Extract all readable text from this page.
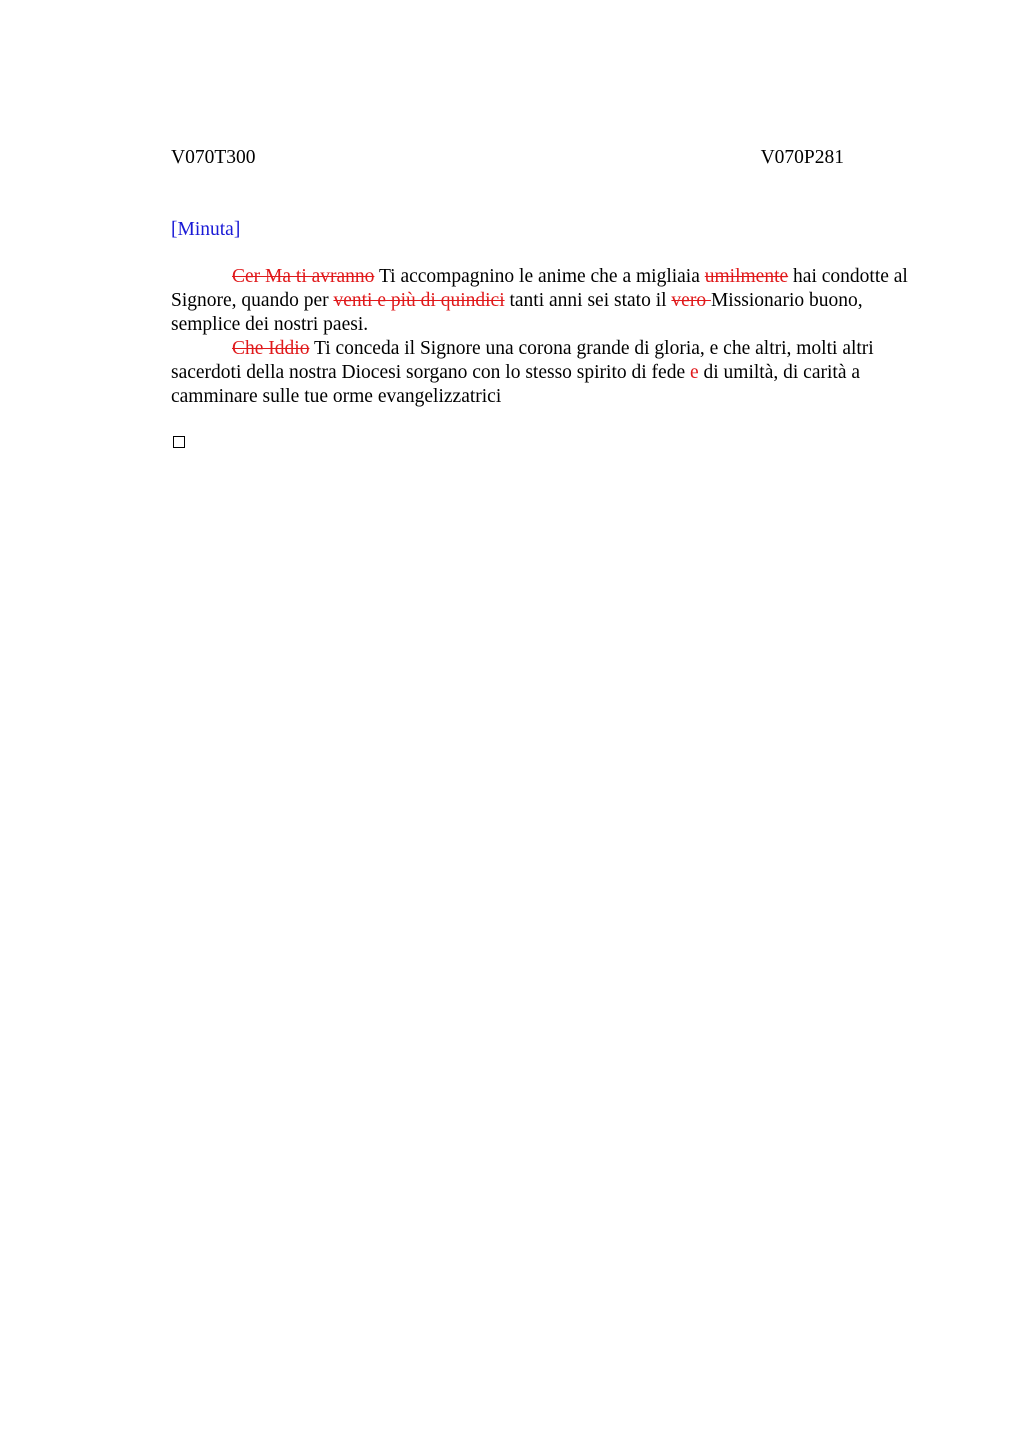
V070T300	V070P281
[Minuta]

Cer Ma ti avranno Ti accompagnino le anime che a migliaia umilmente hai condotte al Signore, quando per venti e più di quindici tanti anni sei stato il vero Missionario buono, semplice dei nostri paesi.

Che Iddio Ti conceda il Signore una corona grande di gloria, e che altri, molti altri sacerdoti della nostra Diocesi sorgano con lo stesso spirito di fede e di umiltà, di carità a camminare sulle tue orme evangelizzatrici
